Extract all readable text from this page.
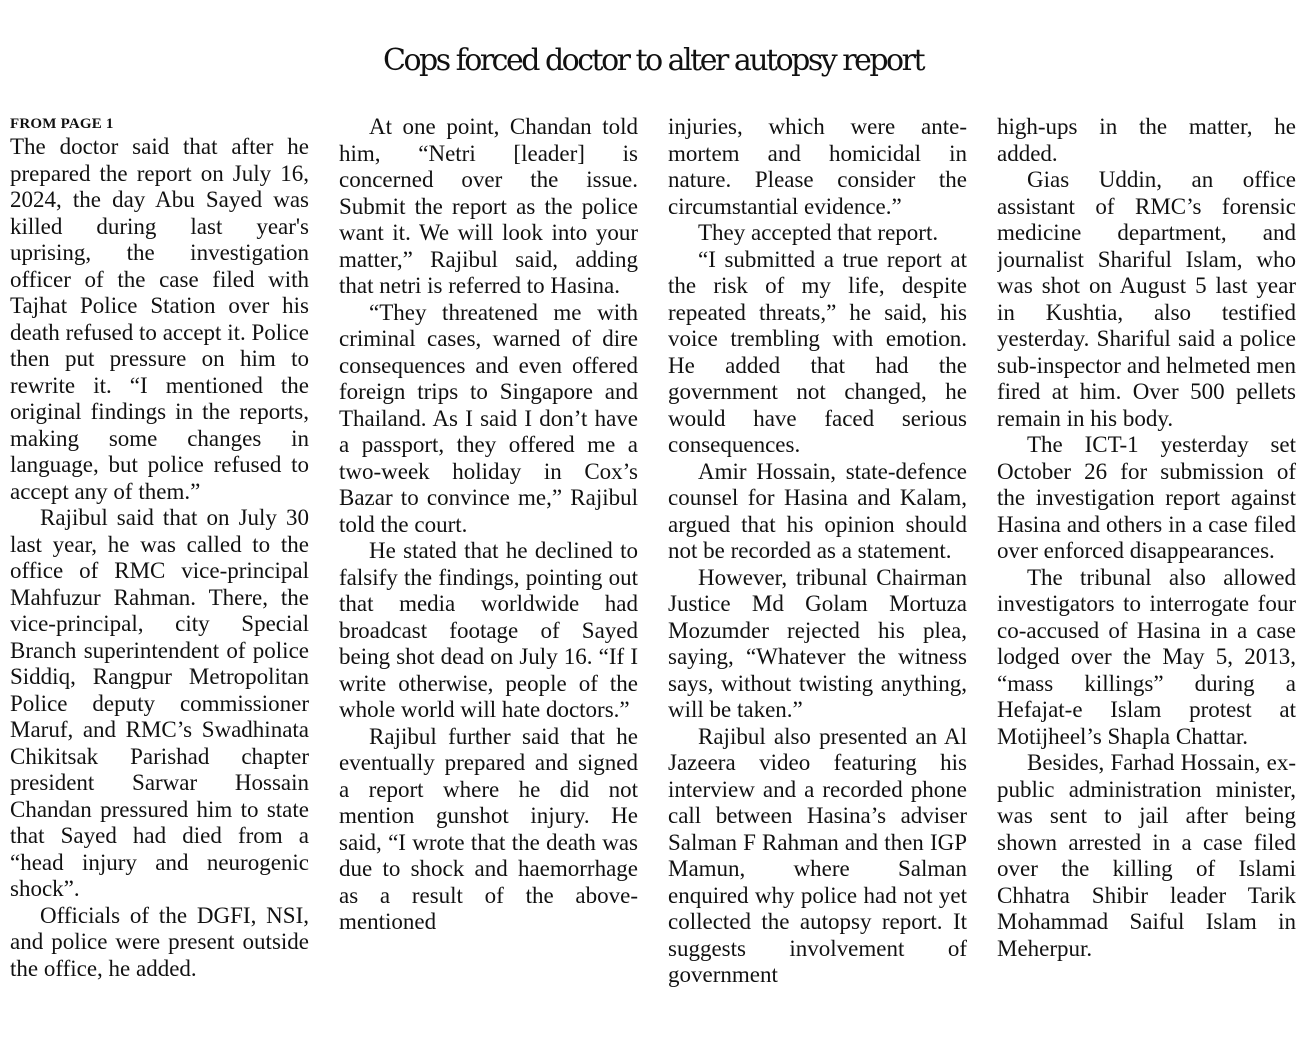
Cops forced doctor to alter autopsy report
FROM PAGE 1

The doctor said that after he prepared the report on July 16, 2024, the day Abu Sayed was killed during last year's uprising, the investigation officer of the case filed with Tajhat Police Station over his death refused to accept it. Police then put pressure on him to rewrite it. “I mentioned the original findings in the reports, making some changes in language, but police refused to accept any of them.”

Rajibul said that on July 30 last year, he was called to the office of RMC vice-principal Mahfuzur Rahman. There, the vice-principal, city Special Branch superintendent of police Siddiq, Rangpur Metropolitan Police deputy commissioner Maruf, and RMC’s Swadhinata Chikitsak Parishad chapter president Sarwar Hossain Chandan pressured him to state that Sayed had died from a “head injury and neurogenic shock”.

Officials of the DGFI, NSI, and police were present outside the office, he added.

At one point, Chandan told him, “Netri [leader] is concerned over the issue. Submit the report as the police want it. We will look into your matter,” Rajibul said, adding that netri is referred to Hasina.

“They threatened me with criminal cases, warned of dire consequences and even offered foreign trips to Singapore and Thailand. As I said I don’t have a passport, they offered me a two-week holiday in Cox’s Bazar to convince me,” Rajibul told the court.

He stated that he declined to falsify the findings, pointing out that media worldwide had broadcast footage of Sayed being shot dead on July 16. “If I write otherwise, people of the whole world will hate doctors.”

Rajibul further said that he eventually prepared and signed a report where he did not mention gunshot injury. He said, “I wrote that the death was due to shock and haemorrhage as a result of the above-mentioned

injuries, which were ante-mortem and homicidal in nature. Please consider the circumstantial evidence.”

They accepted that report.

“I submitted a true report at the risk of my life, despite repeated threats,” he said, his voice trembling with emotion. He added that had the government not changed, he would have faced serious consequences.

Amir Hossain, state-defence counsel for Hasina and Kalam, argued that his opinion should not be recorded as a statement.

However, tribunal Chairman Justice Md Golam Mortuza Mozumder rejected his plea, saying, “Whatever the witness says, without twisting anything, will be taken.”

Rajibul also presented an Al Jazeera video featuring his interview and a recorded phone call between Hasina’s adviser Salman F Rahman and then IGP Mamun, where Salman enquired why police had not yet collected the autopsy report. It suggests involvement of government

high-ups in the matter, he added.

Gias Uddin, an office assistant of RMC’s forensic medicine department, and journalist Shariful Islam, who was shot on August 5 last year in Kushtia, also testified yesterday. Shariful said a police sub-inspector and helmeted men fired at him. Over 500 pellets remain in his body.

The ICT-1 yesterday set October 26 for submission of the investigation report against Hasina and others in a case filed over enforced disappearances.

The tribunal also allowed investigators to interrogate four co-accused of Hasina in a case lodged over the May 5, 2013, “mass killings” during a Hefajat-e Islam protest at Motijheel’s Shapla Chattar.

Besides, Farhad Hossain, ex-public administration minister, was sent to jail after being shown arrested in a case filed over the killing of Islami Chhatra Shibir leader Tarik Mohammad Saiful Islam in Meherpur.
